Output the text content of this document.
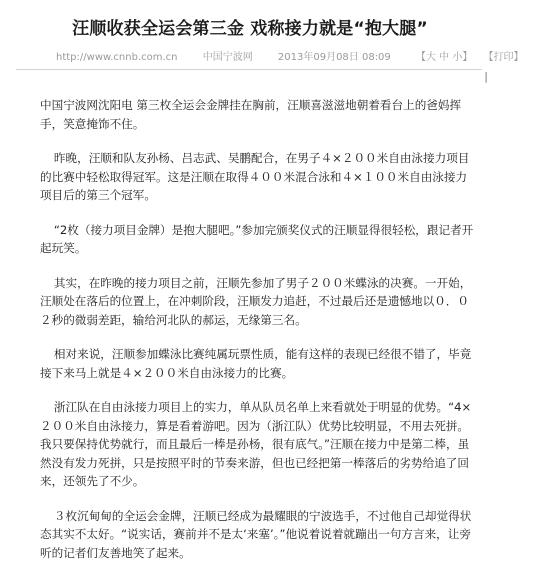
汪顺收获全运会第三金 戏称接力就是“抱大腿”
http://www.cnnb.com.cn	中国宁波网	2013年09月08日 08:09	【大 中 小】 【打印】
|

中国宁波网沈阳电 第三枚全运会金牌挂在胸前，汪顺喜滋滋地朝着看台上的爸妈挥手，笑意掩饰不住。

昨晚，汪顺和队友孙杨、吕志武、吴鹏配合，在男子４×２００米自由泳接力项目的比赛中轻松取得冠军。这是汪顺在取得４００米混合泳和４×１００米自由泳接力项目后的第三个冠军。

“2枚（接力项目金牌）是抱大腿吧。”参加完颁奖仪式的汪顺显得很轻松，跟记者开起玩笑。

其实，在昨晚的接力项目之前，汪顺先参加了男子２００米蝶泳的决赛。一开始，汪顺处在落后的位置上，在冲刺阶段，汪顺发力追赶，不过最后还是遗憾地以０．０２秒的微弱差距，输给河北队的郝运，无缘第三名。

相对来说，汪顺参加蝶泳比赛纯属玩票性质，能有这样的表现已经很不错了，毕竟接下来马上就是４×２００米自由泳接力的比赛。

浙江队在自由泳接力项目上的实力，单从队员名单上来看就处于明显的优势。“4×２００米自由泳接力，算是看着游吧。因为（浙江队）优势比较明显，不用去死拼。我只要保持优势就行，而且最后一棒是孙杨，很有底气。”汪顺在接力中是第二棒，虽然没有发力死拼，只是按照平时的节奏来游，但也已经把第一棒落后的劣势给追了回来，还领先了不少。

３枚沉甸甸的全运会金牌，汪顺已经成为最耀眼的宁波选手，不过他自己却觉得状态其实不太好。“说实话，赛前并不是太‘来塞’。”他说着说着就蹦出一句方言来，让旁听的记者们友善地笑了起来。
